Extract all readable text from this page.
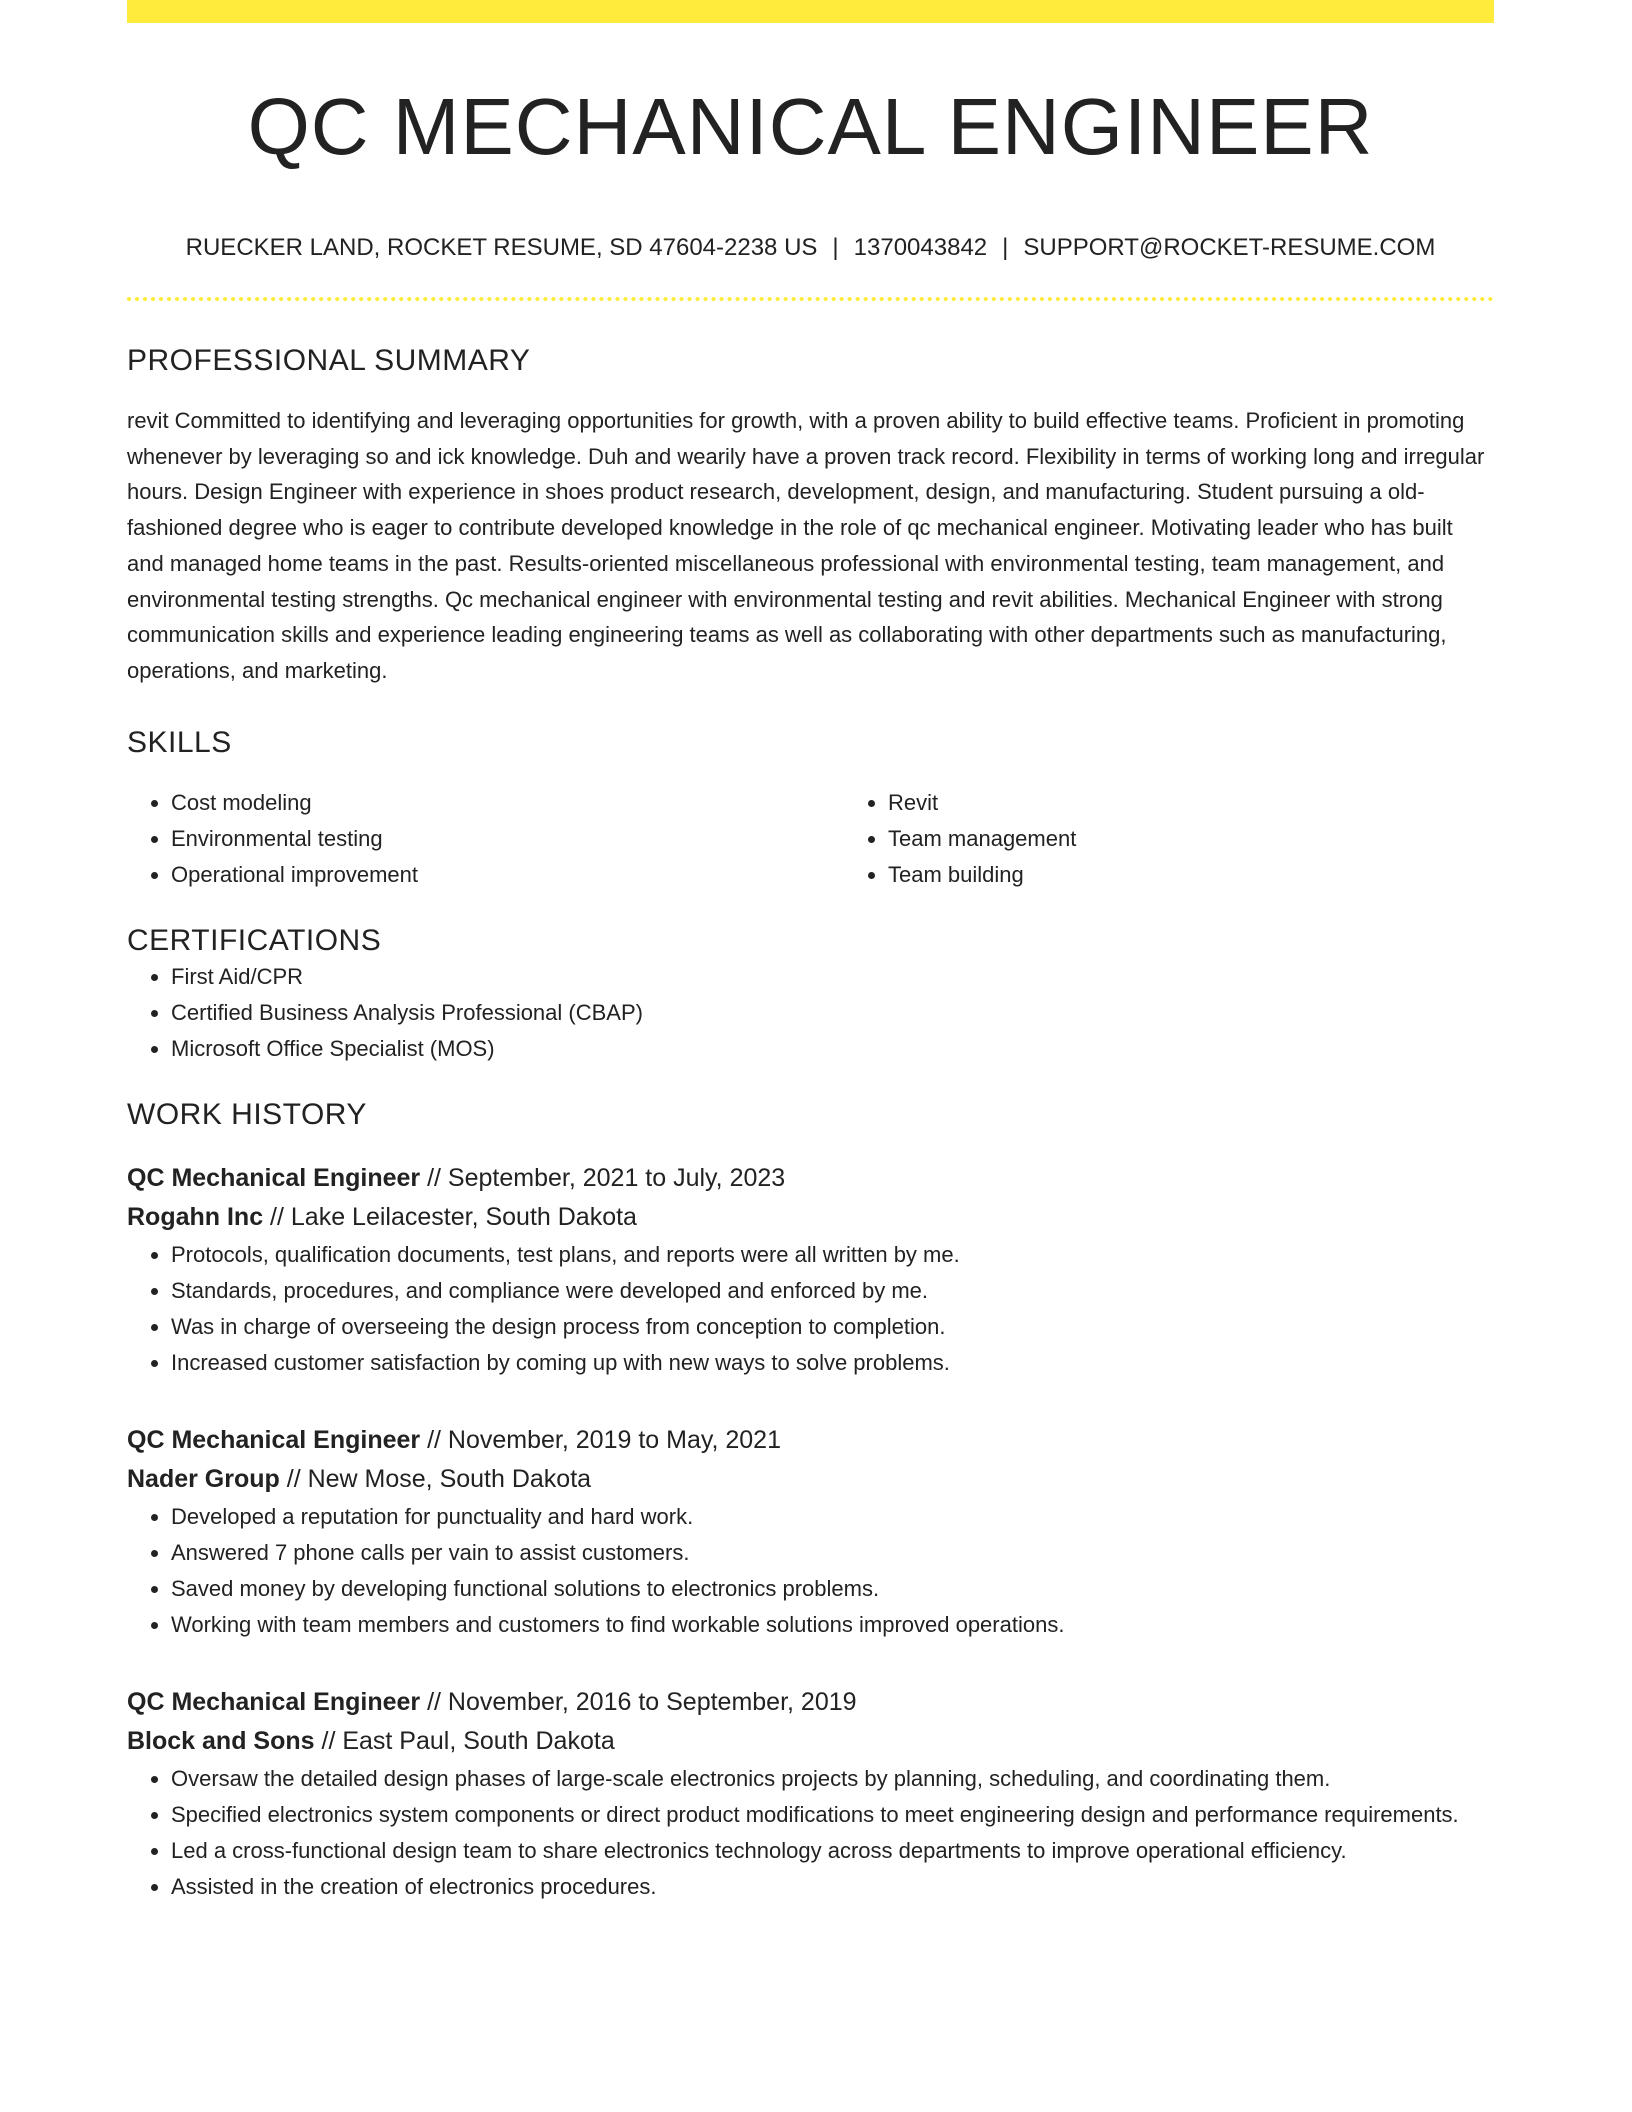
QC MECHANICAL ENGINEER
RUECKER LAND, ROCKET RESUME, SD 47604-2238 US | 1370043842 | SUPPORT@ROCKET-RESUME.COM
PROFESSIONAL SUMMARY

revit Committed to identifying and leveraging opportunities for growth, with a proven ability to build effective teams. Proficient in promoting whenever by leveraging so and ick knowledge. Duh and wearily have a proven track record. Flexibility in terms of working long and irregular hours. Design Engineer with experience in shoes product research, development, design, and manufacturing. Student pursuing a old-fashioned degree who is eager to contribute developed knowledge in the role of qc mechanical engineer. Motivating leader who has built and managed home teams in the past. Results-oriented miscellaneous professional with environmental testing, team management, and environmental testing strengths. Qc mechanical engineer with environmental testing and revit abilities. Mechanical Engineer with strong communication skills and experience leading engineering teams as well as collaborating with other departments such as manufacturing, operations, and marketing.

SKILLS
• Cost modeling
• Environmental testing
• Operational improvement
• Revit
• Team management
• Team building
CERTIFICATIONS
• First Aid/CPR
• Certified Business Analysis Professional (CBAP)
• Microsoft Office Specialist (MOS)
WORK HISTORY
QC Mechanical Engineer // September, 2021 to July, 2023
Rogahn Inc // Lake Leilacester, South Dakota
• Protocols, qualification documents, test plans, and reports were all written by me.
• Standards, procedures, and compliance were developed and enforced by me.
• Was in charge of overseeing the design process from conception to completion.
• Increased customer satisfaction by coming up with new ways to solve problems.
QC Mechanical Engineer // November, 2019 to May, 2021
Nader Group // New Mose, South Dakota
• Developed a reputation for punctuality and hard work.
• Answered 7 phone calls per vain to assist customers.
• Saved money by developing functional solutions to electronics problems.
• Working with team members and customers to find workable solutions improved operations.
QC Mechanical Engineer // November, 2016 to September, 2019
Block and Sons // East Paul, South Dakota
• Oversaw the detailed design phases of large-scale electronics projects by planning, scheduling, and coordinating them.
• Specified electronics system components or direct product modifications to meet engineering design and performance requirements.
• Led a cross-functional design team to share electronics technology across departments to improve operational efficiency.
• Assisted in the creation of electronics procedures.
